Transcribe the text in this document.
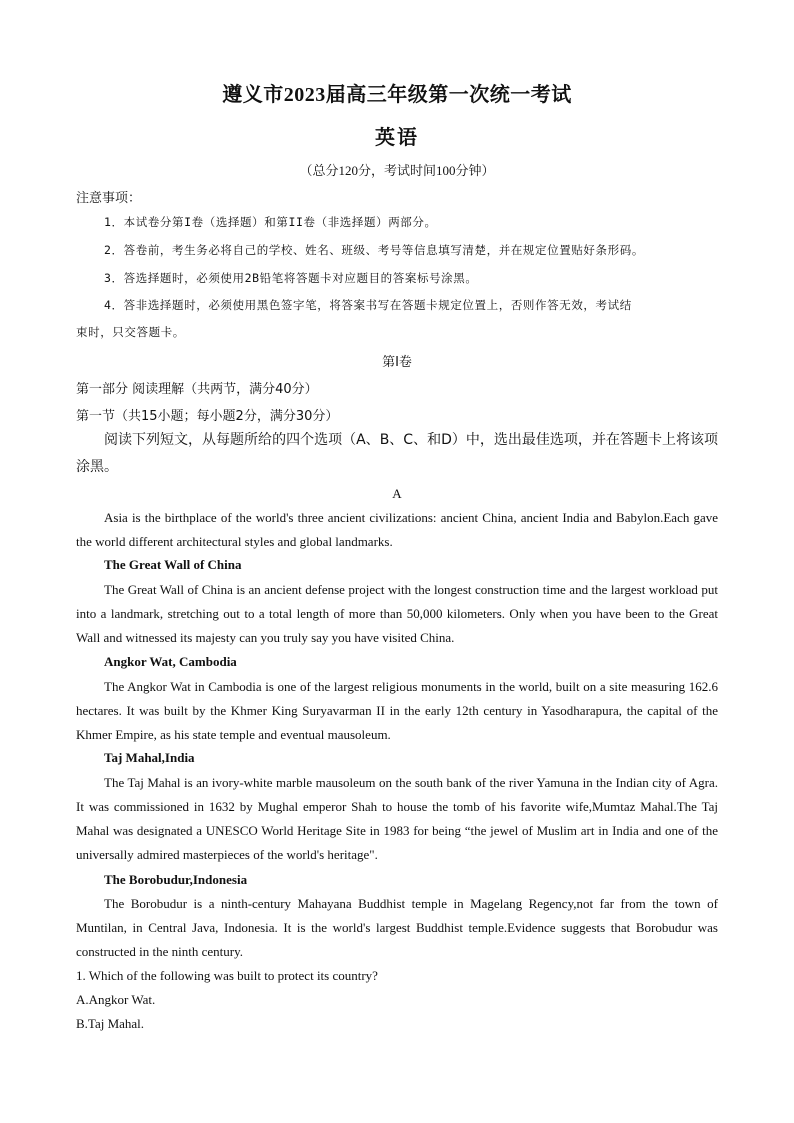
遵义市2023届高三年级第一次统一考试
英语
（总分120分，考试时间100分钟）
注意事项：
1．本试卷分第I卷（选择题）和第II卷（非选择题）两部分。
2．答卷前，考生务必将自己的学校、姓名、班级、考号等信息填写清楚，并在规定位置贴好条形码。
3．答选择题时，必须使用2B铅笔将答题卡对应题目的答案标号涂黑。
4．答非选择题时，必须使用黑色签字笔，将答案书写在答题卡规定位置上，否则作答无效，考试结
束时，只交答题卡。
第I卷
第一部分 阅读理解（共两节，满分40分）
第一节（共15小题；每小题2分，满分30分）
阅读下列短文，从每题所给的四个选项（A、B、C、和D）中，选出最佳选项，并在答题卡上将该项涂黑。
A
Asia is the birthplace of the world's three ancient civilizations: ancient China, ancient India and Babylon.Each gave the world different architectural styles and global landmarks.
The Great Wall of China
The Great Wall of China is an ancient defense project with the longest construction time and the largest workload put into a landmark, stretching out to a total length of more than 50,000 kilometers. Only when you have been to the Great Wall and witnessed its majesty can you truly say you have visited China.
Angkor Wat, Cambodia
The Angkor Wat in Cambodia is one of the largest religious monuments in the world, built on a site measuring 162.6 hectares. It was built by the Khmer King Suryavarman II in the early 12th century in Yasodharapura, the capital of the Khmer Empire, as his state temple and eventual mausoleum.
Taj Mahal,India
The Taj Mahal is an ivory-white marble mausoleum on the south bank of the river Yamuna in the Indian city of Agra. It was commissioned in 1632 by Mughal emperor Shah to house the tomb of his favorite wife,Mumtaz Mahal.The Taj Mahal was designated a UNESCO World Heritage Site in 1983 for being “the jewel of Muslim art in India and one of the universally admired masterpieces of the world's heritage".
The Borobudur,Indonesia
The Borobudur is a ninth-century Mahayana Buddhist temple in Magelang Regency,not far from the town of Muntilan, in Central Java, Indonesia. It is the world's largest Buddhist temple.Evidence suggests that Borobudur was constructed in the ninth century.
1. Which of the following was built to protect its country?
A.Angkor Wat.
B.Taj Mahal.
